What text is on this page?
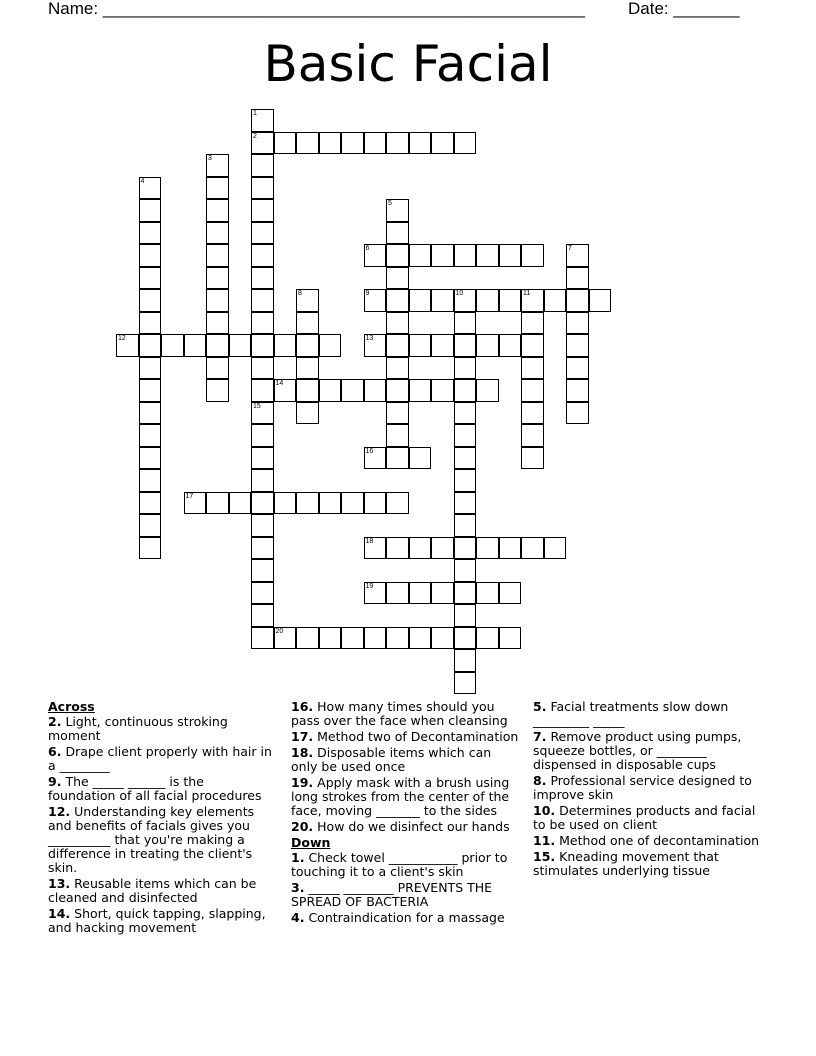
Name: ___________________________________________________	Date: _______
Basic Facial
1
2
15
3
4
5
6	7
8	9	10	11
12	13
14
16
17
18
19
20
Across
2. Light, continuous stroking moment
6. Drape client properly with hair in a ________
9. The _____ ______ is the foundation of all facial procedures
12. Understanding key elements and benefits of facials gives you __________ that you're making a difference in treating the client's skin.
13. Reusable items which can be cleaned and disinfected
14. Short, quick tapping, slapping, and hacking movement
16. How many times should you pass over the face when cleansing
17. Method two of Decontamination
18. Disposable items which can only be used once
19. Apply mask with a brush using long strokes from the center of the face, moving _______ to the sides
20. How do we disinfect our hands
Down
1. Check towel ___________ prior to touching it to a client's skin
3. _____ ________ PREVENTS THE SPREAD OF BACTERIA
4. Contraindication for a massage
5. Facial treatments slow down _________ _____
7. Remove product using pumps, squeeze bottles, or ________ dispensed in disposable cups
8. Professional service designed to improve skin
10. Determines products and facial to be used on client
11. Method one of decontamination
15. Kneading movement that stimulates underlying tissue
